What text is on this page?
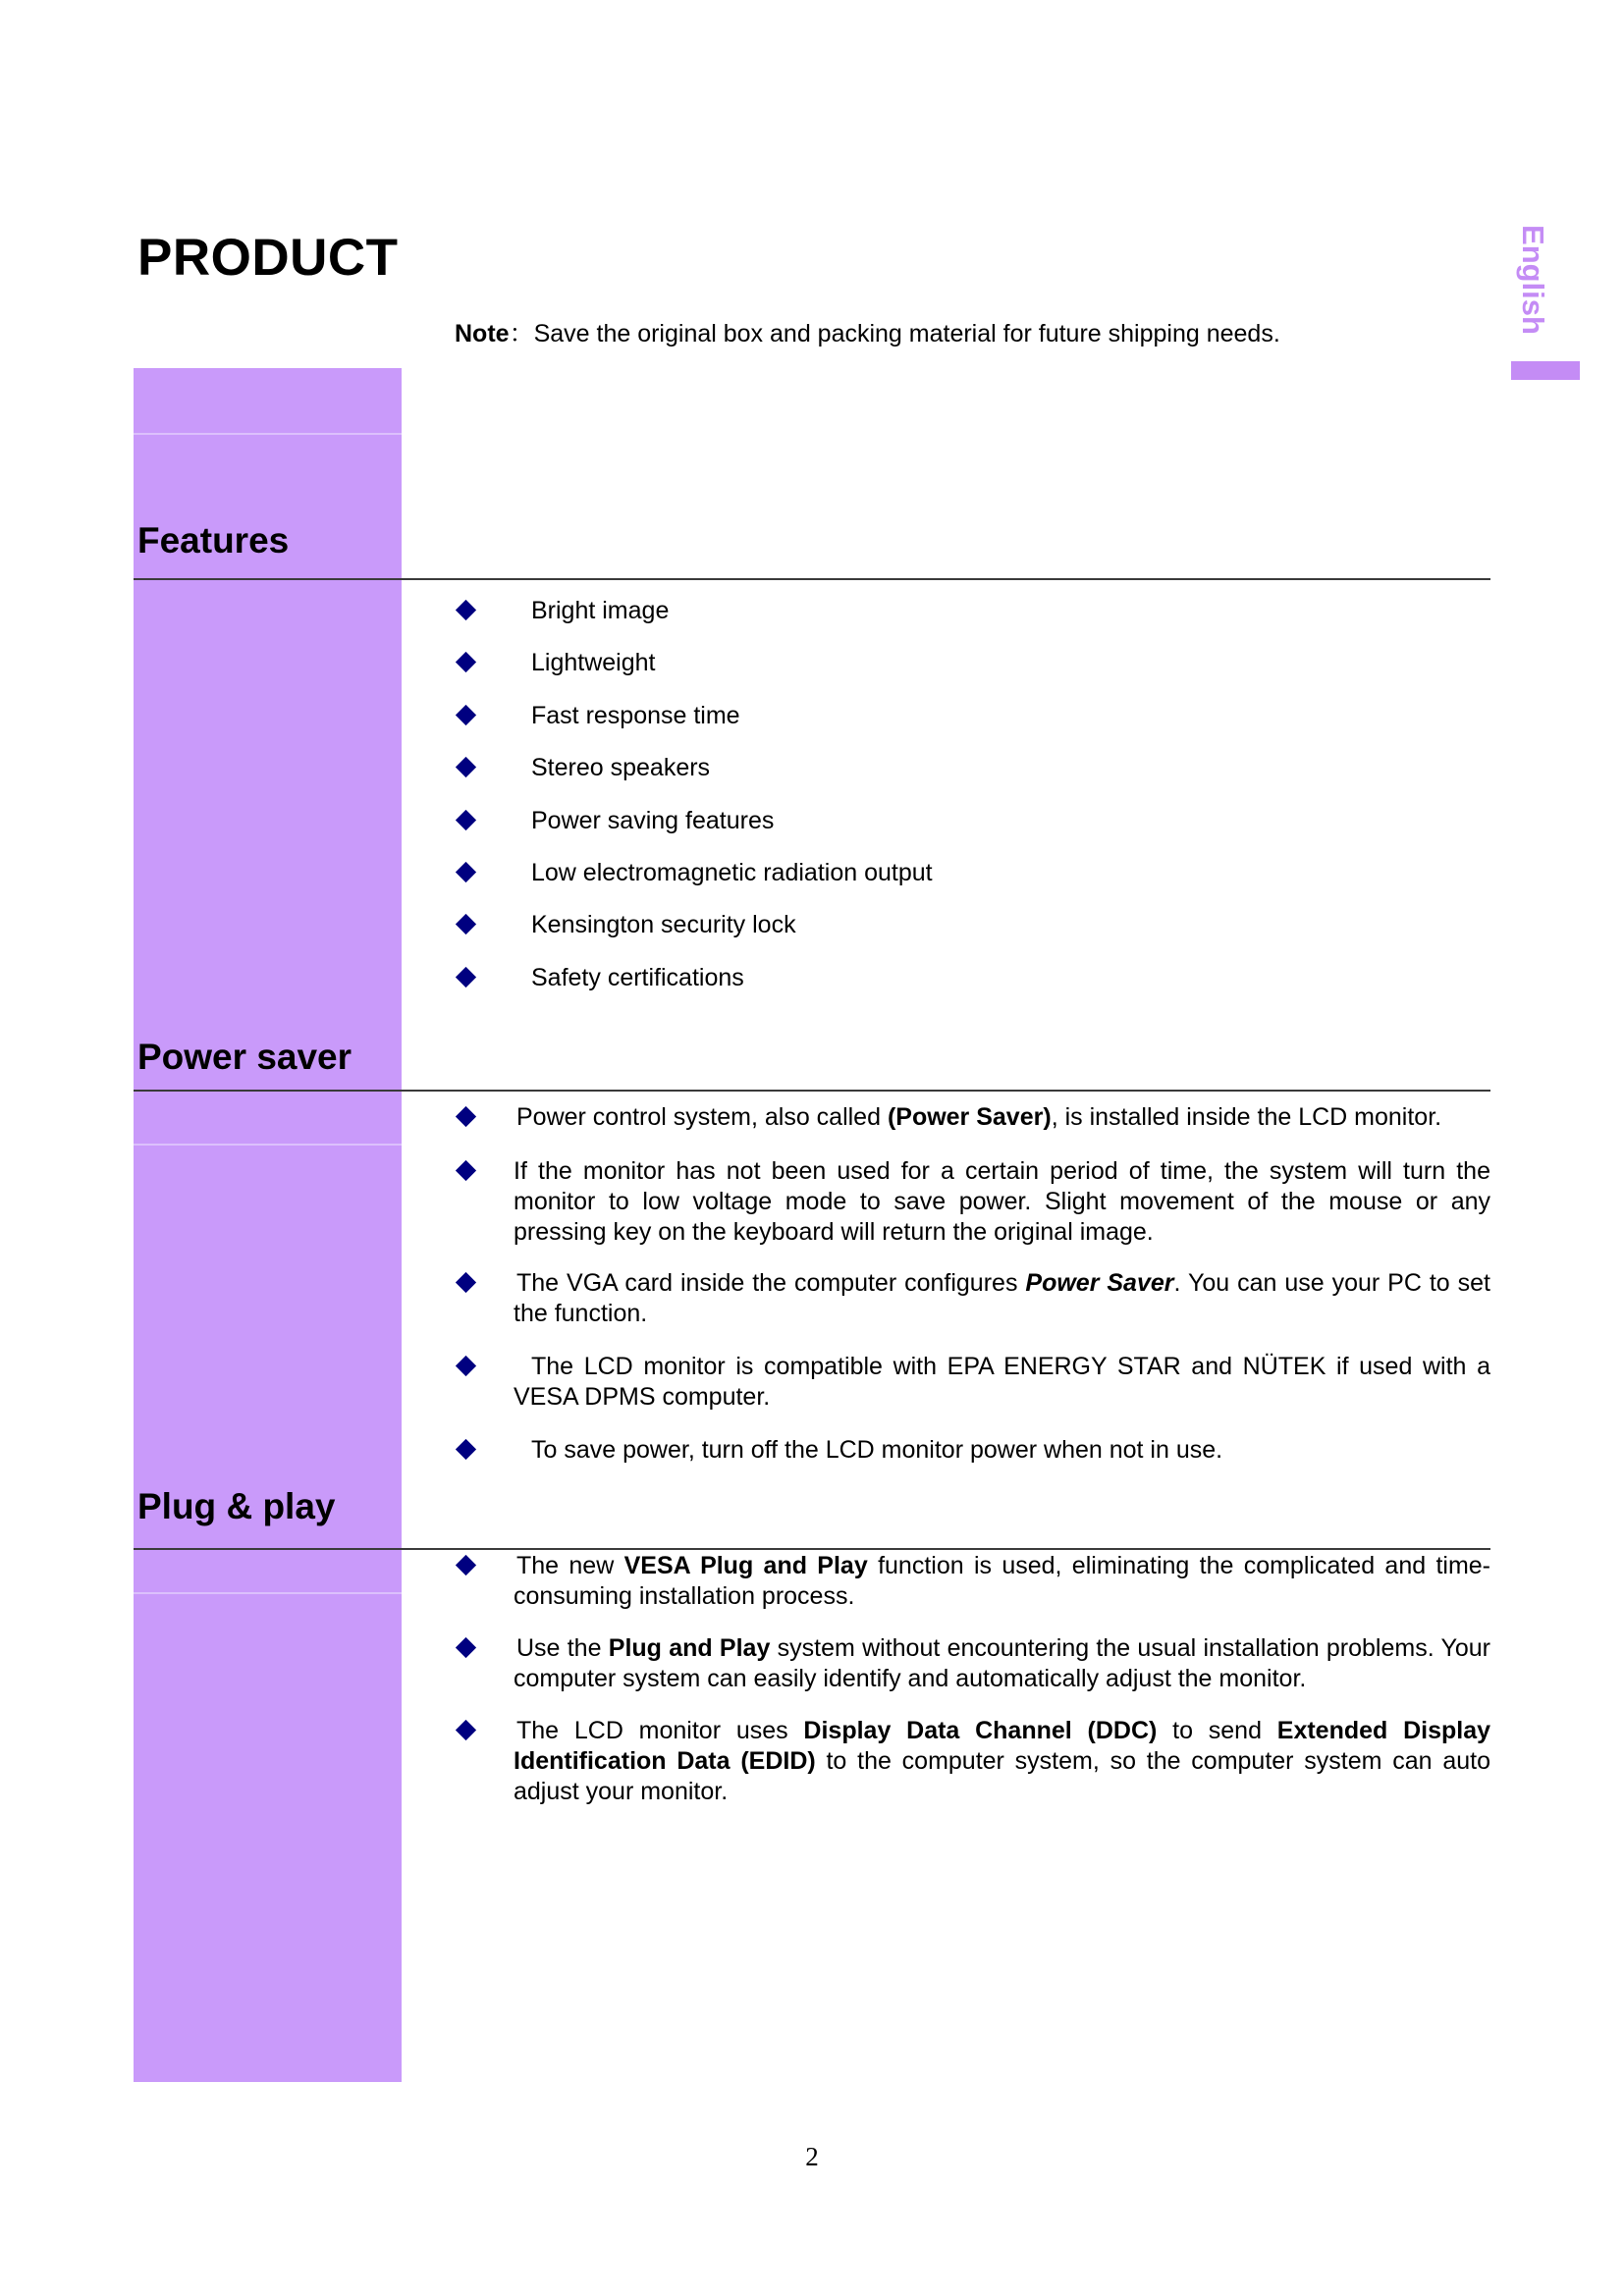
PRODUCT
Note：Save the original box and packing material for future shipping needs.	English
Features
Power saver
Plug & play
Bright image
Lightweight
Fast response time
Stereo speakers
Power saving features
Low electromagnetic radiation output
Kensington security lock
Safety certifications
Power control system, also called (Power Saver), is installed inside the LCD monitor.
If the monitor has not been used for a certain period of time, the system will turn the monitor to low voltage mode to save power. Slight movement of the mouse or any pressing key on the keyboard will return the original image.
The VGA card inside the computer configures Power Saver. You can use your PC to set the function.
The LCD monitor is compatible with EPA ENERGY STAR and NÜTEK if used with a VESA DPMS computer.
To save power, turn off the LCD monitor power when not in use.
The new VESA Plug and Play function is used, eliminating the complicated and time-consuming installation process.
Use the Plug and Play system without encountering the usual installation problems. Your computer system can easily identify and automatically adjust the monitor.
The LCD monitor uses Display Data Channel (DDC) to send Extended Display Identification Data (EDID) to the computer system, so the computer system can auto adjust your monitor.
2
